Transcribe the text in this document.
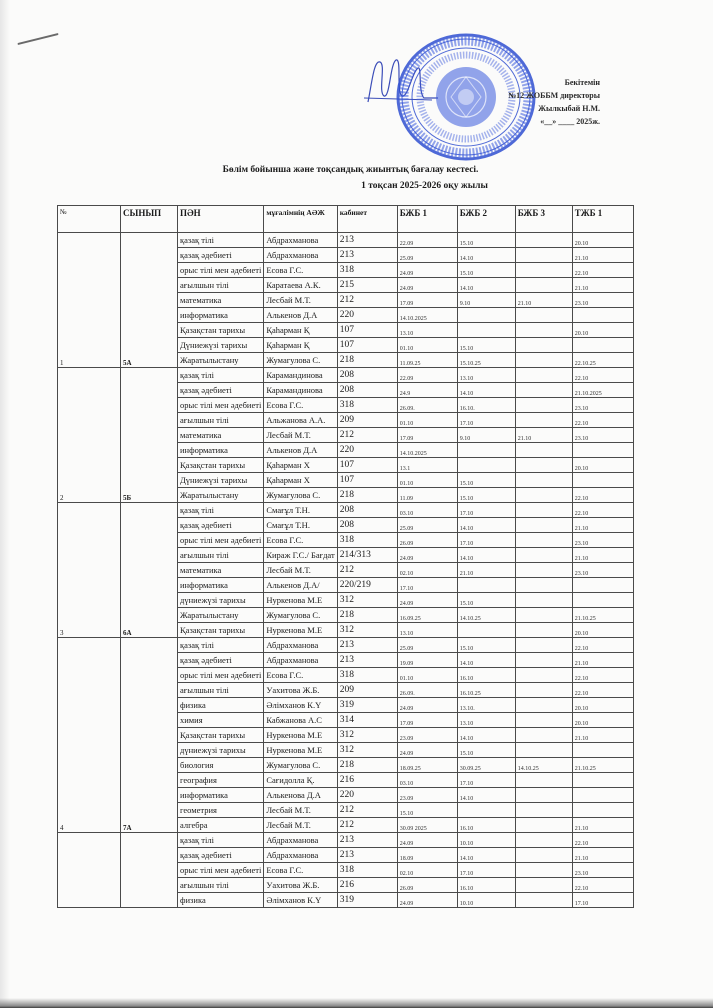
Бекітемін
№12 ЖОББМ директоры
Жылкыбай Н.М.
«__» ____ 2025ж.
Бөлім бойынша және тоқсандық жиынтық бағалау кестесі.
1 тоқсан 2025-2026 оқу жылы
№	СЫНЫП	ПӘН	мұғалімнің АӘЖ	кабинет	БЖБ 1	БЖБ 2	БЖБ 3	ТЖБ 1
1	5А	қазақ тілі	Абдрахманова	213	22.09	15.10		20.10
		қазақ әдебиеті	Абдрахманова	213	25.09	14.10		21.10
		орыс тілі мен әдебиеті	Есова Г.С.	318	24.09	15.10		22.10
		ағылшын тілі	Каратаева А.К.	215	24.09	14.10		21.10
		математика	Лесбай М.Т.	212	17.09	9.10	21.10	23.10
		информатика	Алькенов Д.А	220	14.10.2025			
		Қазақстан тарихы	Қаһарман Қ	107	13.10			20.10
		Дүниежүзі тарихы	Қаһарман Қ	107	01.10	15.10		
		Жаратылыстану	Жумагулова С.	218	11.09.25	15.10.25		22.10.25
2	5Б	қазақ тілі	Карамандинова	208	22.09	13.10		22.10
		қазақ әдебиеті	Карамандинова	208	24.9	14.10		21.10.2025
		орыс тілі мен әдебиеті	Есова Г.С.	318	26.09.	16.10.		23.10
		ағылшын тілі	Альжанова А.А.	209	01.10	17.10		22.10
		математика	Лесбай М.Т.	212	17.09	9.10	21.10	23.10
		информатика	Алькенов Д.А	220	14.10.2025			
		Қазақстан тарихы	Қаһарман Х	107	13.1			20.10
		Дүниежүзі тарихы	Қаһарман Х	107	01.10	15.10		
		Жаратылыстану	Жумагулова С.	218	11.09	15.10		22.10
3	6А	қазақ тілі	Смағұл Т.Н.	208	03.10	17.10		22.10
		қазақ әдебиеті	Смағұл Т.Н.	208	25.09	14.10		21.10
		орыс тілі мен әдебиеті	Есова Г.С.	318	26.09	17.10		23.10
		ағылшын тілі	Кираж Г.С./ Бағдат	214/313	24.09	14.10		21.10
		математика	Лесбай М.Т.	212	02.10	21.10		23.10
		информатика	Алькенов Д.А/	220/219	17.10			
		дүниежүзі тарихы	Нуркенова М.Е	312	24.09	15.10		
		Жаратылыстану	Жумагулова С.	218	16.09.25	14.10.25		21.10.25
		Қазақстан тарихы	Нуркенова М.Е	312	13.10			20.10
4	7А	қазақ тілі	Абдрахманова	213	25.09	15.10		22.10
		қазақ әдебиеті	Абдрахманова	213	19.09	14.10		21.10
		орыс тілі мен әдебиеті	Есова Г.С.	318	01.10	16.10		22.10
		ағылшын тілі	Уахитова Ж.Б.	209	26.09.	16.10.25		22.10
		физика	Әлімханов К.Ү	319	24.09	13.10.		20.10
		химия	Кабжанова А.С	314	17.09	13.10		20.10
		Қазақстан тарихы	Нуркенова М.Е	312	23.09	14.10		21.10
		дүниежүзі тарихы	Нуркенова М.Е	312	24.09	15.10		
		биология	Жумагулова С.	218	18.09.25	30.09.25	14.10.25	21.10.25
		география	Сағидолла Қ.	216	03.10	17.10		
		информатика	Алькенова Д.А	220	23.09	14.10		
		геометрия	Лесбай М.Т.	212	15.10			
		алгебра	Лесбай М.Т.	212	30.09 2025	16.10		21.10
		қазақ тілі	Абдрахманова	213	24.09	10.10		22.10
		қазақ әдебиеті	Абдрахманова	213	18.09	14.10		21.10
		орыс тілі мен әдебиеті	Есова Г.С.	318	02.10	17.10		23.10
		ағылшын тілі	Уахитова Ж.Б.	216	26.09	16.10		22.10
		физика	Әлімханов К.Ү	319	24.09	10.10		17.10
